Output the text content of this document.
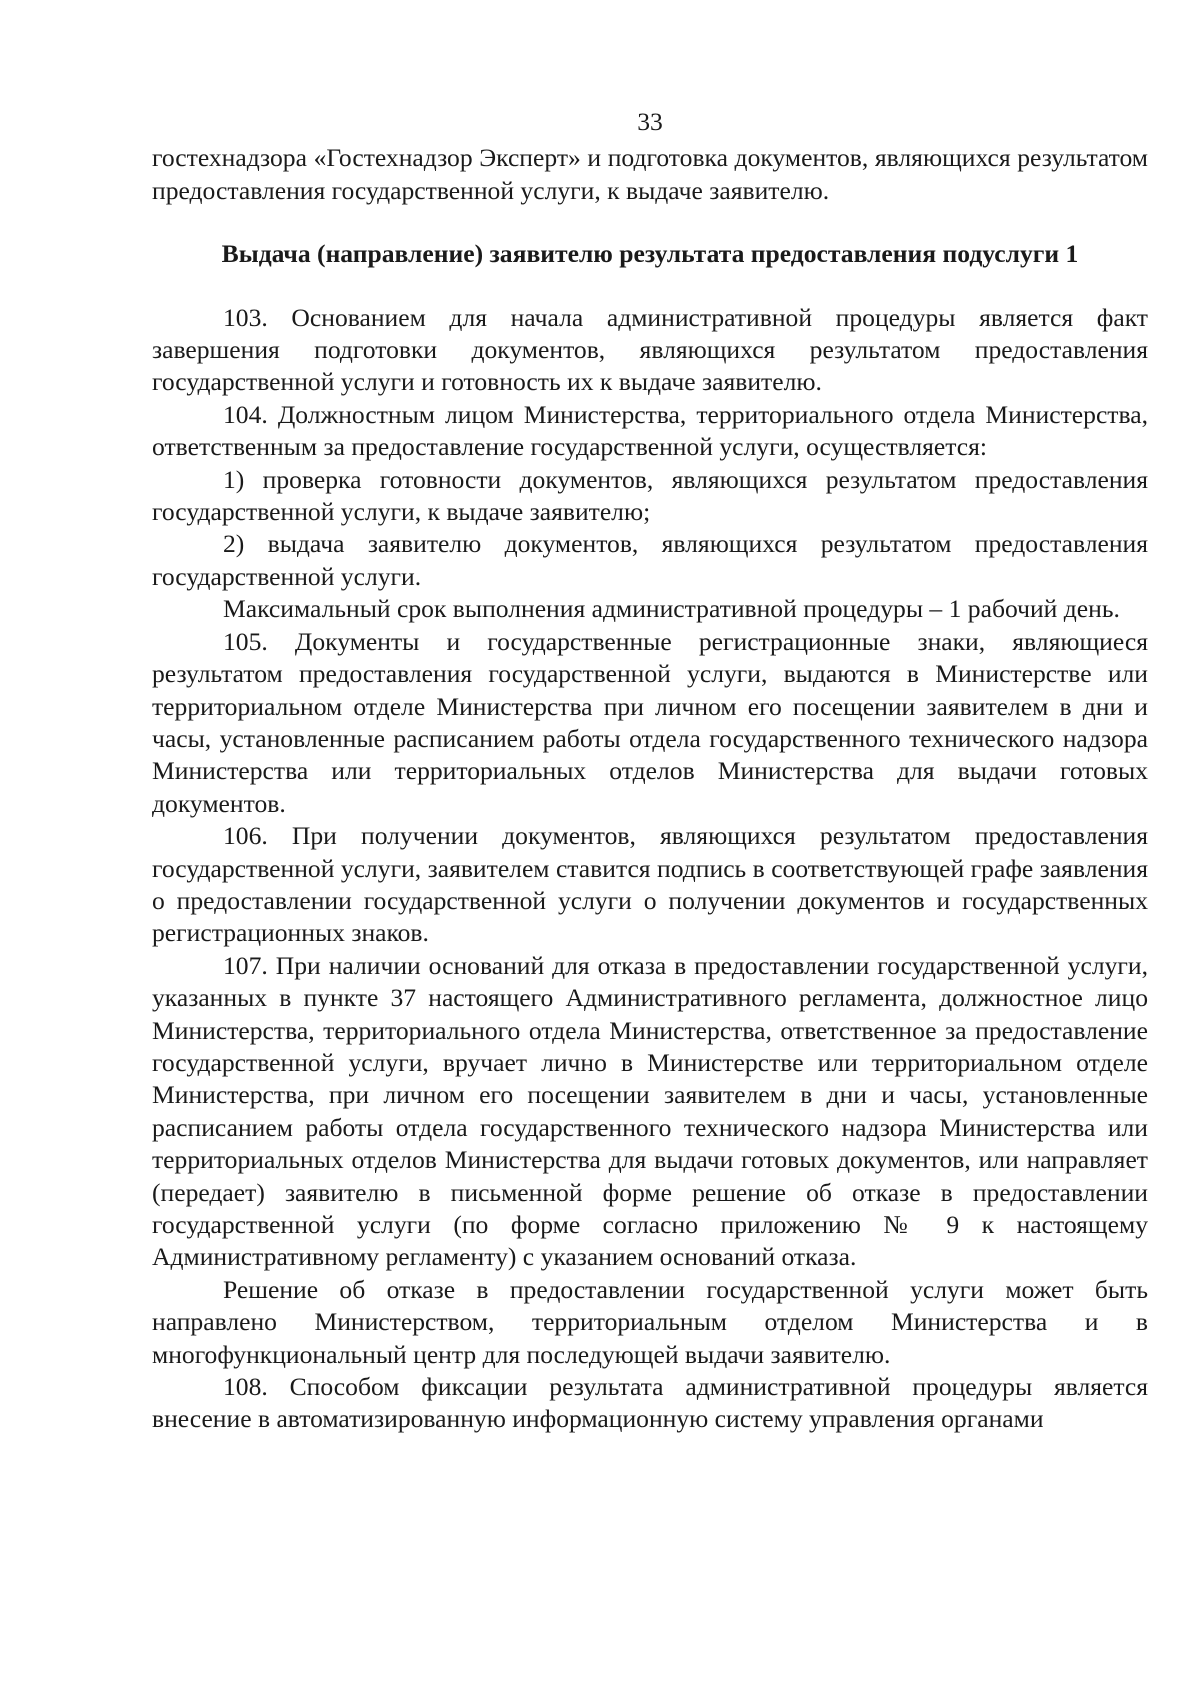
33

гостехнадзора «Гостехнадзор Эксперт» и подготовка документов, являющихся результатом предоставления государственной услуги, к выдаче заявителю.

Выдача (направление) заявителю результата предоставления подуслуги 1

103. Основанием для начала административной процедуры является факт завершения подготовки документов, являющихся результатом предоставления государственной услуги и готовность их к выдаче заявителю.

104. Должностным лицом Министерства, территориального отдела Министерства, ответственным за предоставление государственной услуги, осуществляется:

1) проверка готовности документов, являющихся результатом предоставления государственной услуги, к выдаче заявителю;

2) выдача заявителю документов, являющихся результатом предоставления государственной услуги.

Максимальный срок выполнения административной процедуры – 1 рабочий день.

105. Документы и государственные регистрационные знаки, являющиеся результатом предоставления государственной услуги, выдаются в Министерстве или территориальном отделе Министерства при личном его посещении заявителем в дни и часы, установленные расписанием работы отдела государственного технического надзора Министерства или территориальных отделов Министерства для выдачи готовых документов.

106. При получении документов, являющихся результатом предоставления государственной услуги, заявителем ставится подпись в соответствующей графе заявления о предоставлении государственной услуги о получении документов и государственных регистрационных знаков.

107. При наличии оснований для отказа в предоставлении государственной услуги, указанных в пункте 37 настоящего Административного регламента, должностное лицо Министерства, территориального отдела Министерства, ответственное за предоставление государственной услуги, вручает лично в Министерстве или территориальном отделе Министерства, при личном его посещении заявителем в дни и часы, установленные расписанием работы отдела государственного технического надзора Министерства или территориальных отделов Министерства для выдачи готовых документов, или направляет (передает) заявителю в письменной форме решение об отказе в предоставлении государственной услуги (по форме согласно приложению № 9 к настоящему Административному регламенту) с указанием оснований отказа.

Решение об отказе в предоставлении государственной услуги может быть направлено Министерством, территориальным отделом Министерства и в многофункциональный центр для последующей выдачи заявителю.

108. Способом фиксации результата административной процедуры является внесение в автоматизированную информационную систему управления органами
